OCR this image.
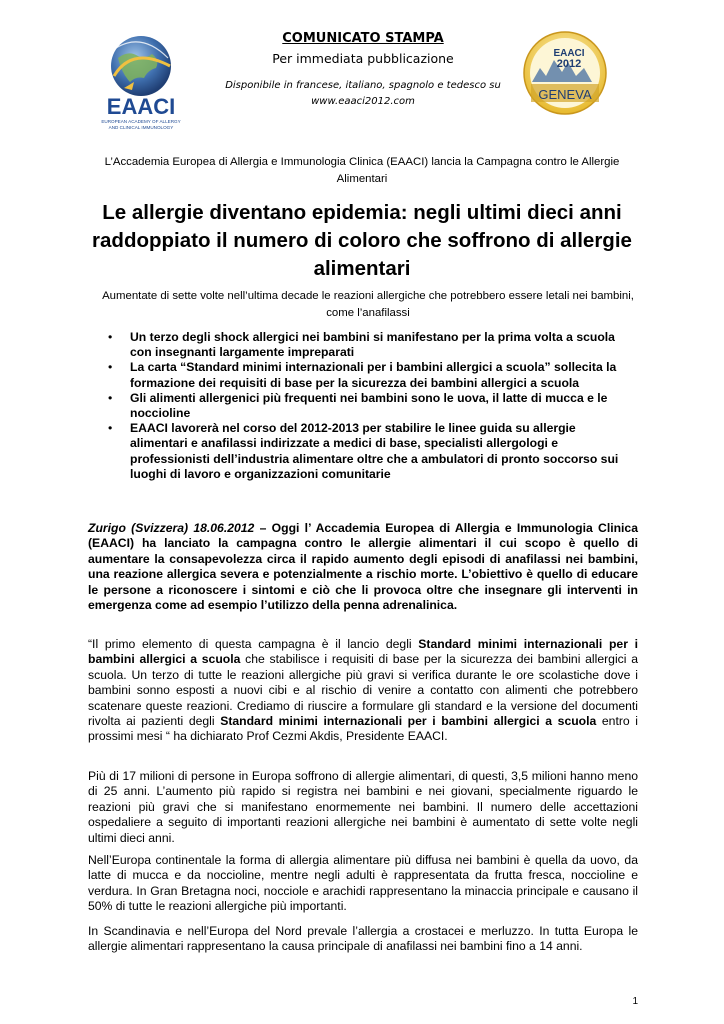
EAACI
EUROPEAN ACADEMY OF ALLERGY
AND CLINICAL IMMUNOLOGY

COMUNICATO STAMPA

Per immediata pubblicazione

Disponibile in francese, italiano, spagnolo e tedesco su www.eaaci2012.com

EAACI
2012
GENEVA

L’Accademia Europea di Allergia e Immunologia Clinica (EAACI) lancia la Campagna contro le Allergie Alimentari

Le allergie diventano epidemia: negli ultimi dieci anni raddoppiato il numero di coloro che soffrono di allergie alimentari

Aumentate di sette volte nell’ultima decade le reazioni allergiche che potrebbero essere letali nei bambini, come l’anafilassi

• Un terzo degli shock allergici nei bambini si manifestano per la prima volta a scuola con insegnanti largamente impreparati
• La carta “Standard minimi internazionali per i bambini allergici a scuola” sollecita la formazione dei requisiti di base per la sicurezza dei bambini allergici a scuola
• Gli alimenti allergenici più frequenti nei bambini sono le uova, il latte di mucca e le noccioline
• EAACI lavorerà nel corso del 2012-2013 per stabilire le linee guida su allergie alimentari e anafilassi indirizzate a medici di base, specialisti allergologi e professionisti dell’industria alimentare oltre che a ambulatori di pronto soccorso sui luoghi di lavoro e organizzazioni comunitarie

Zurigo (Svizzera) 18.06.2012 – Oggi l’ Accademia Europea di Allergia e Immunologia Clinica (EAACI) ha lanciato la campagna contro le allergie alimentari il cui scopo è quello di aumentare la consapevolezza circa il rapido aumento degli episodi di anafilassi nei bambini, una reazione allergica severa e potenzialmente a rischio morte. L’obiettivo è quello di educare le persone a riconoscere i sintomi e ciò che li provoca oltre che insegnare gli interventi in emergenza come ad esempio l’utilizzo della penna adrenalinica.

“Il primo elemento di questa campagna è il lancio degli Standard minimi internazionali per i bambini allergici a scuola che stabilisce i requisiti di base per la sicurezza dei bambini allergici a scuola. Un terzo di tutte le reazioni allergiche più gravi si verifica durante le ore scolastiche dove i bambini sonno esposti a nuovi cibi e al rischio di venire a contatto con alimenti che potrebbero scatenare queste reazioni. Crediamo di riuscire a formulare gli standard e la versione del documenti rivolta ai pazienti degli Standard minimi internazionali per i bambini allergici a scuola entro i prossimi mesi “ ha dichiarato Prof Cezmi Akdis, Presidente EAACI.

Più di 17 milioni di persone in Europa soffrono di allergie alimentari, di questi, 3,5 milioni hanno meno di 25 anni. L’aumento più rapido si registra nei bambini e nei giovani, specialmente riguardo le reazioni più gravi che si manifestano enormemente nei bambini. Il numero delle accettazioni ospedaliere a seguito di importanti reazioni allergiche nei bambini è aumentato di sette volte negli ultimi dieci anni.

Nell’Europa continentale la forma di allergia alimentare più diffusa nei bambini è quella da uovo, da latte di mucca e da noccioline, mentre negli adulti è rappresentata da frutta fresca, noccioline e verdura. In Gran Bretagna noci, nocciole e arachidi rappresentano la minaccia principale e causano il 50% di tutte le reazioni allergiche più importanti.

In Scandinavia e nell’Europa del Nord prevale l’allergia a crostacei e merluzzo. In tutta Europa le allergie alimentari rappresentano la causa principale di anafilassi nei bambini fino a 14 anni.

1
